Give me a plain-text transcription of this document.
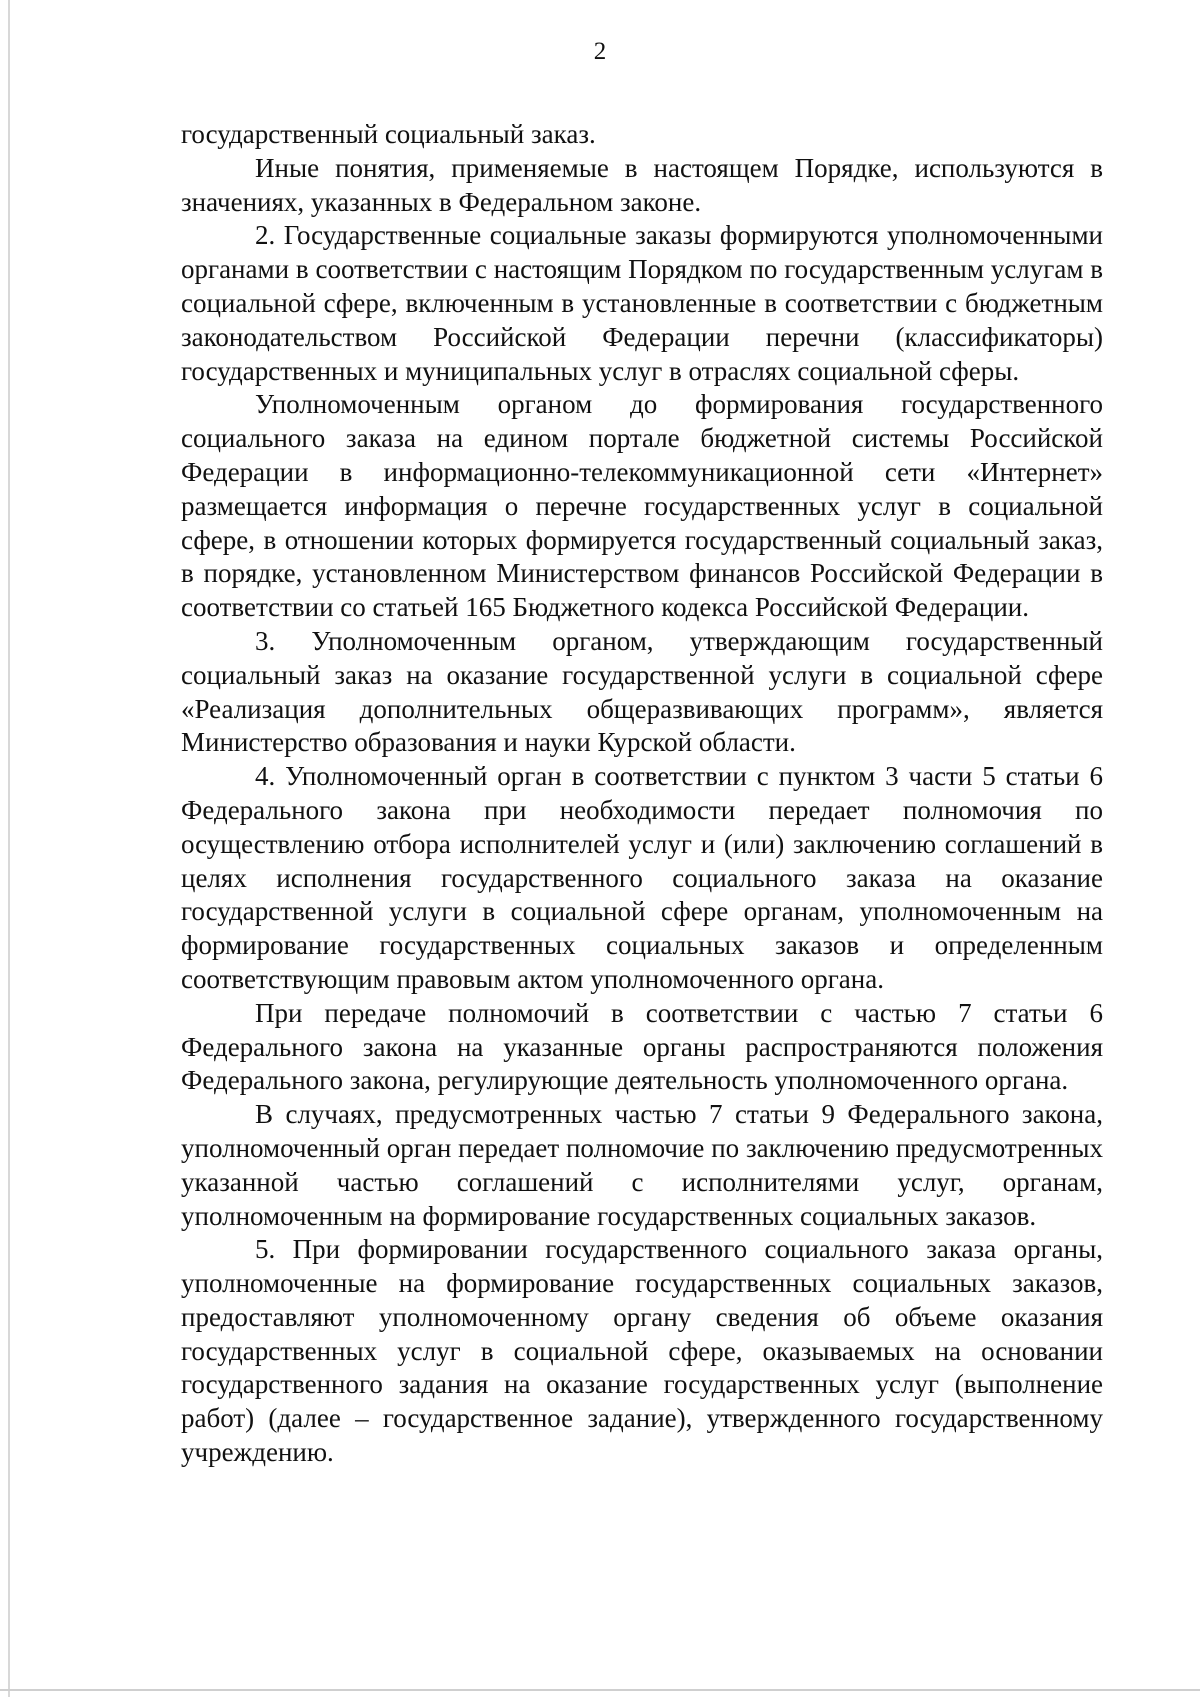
2

государственный социальный заказ.

Иные понятия, применяемые в настоящем Порядке, используются в значениях, указанных в Федеральном законе.

2. Государственные социальные заказы формируются уполномоченными органами в соответствии с настоящим Порядком по государственным услугам в социальной сфере, включенным в установленные в соответствии с бюджетным законодательством Российской Федерации перечни (классификаторы) государственных и муниципальных услуг в отраслях социальной сферы.

Уполномоченным органом до формирования государственного социального заказа на едином портале бюджетной системы Российской Федерации в информационно-телекоммуникационной сети «Интернет» размещается информация о перечне государственных услуг в социальной сфере, в отношении которых формируется государственный социальный заказ, в порядке, установленном Министерством финансов Российской Федерации в соответствии со статьей 165 Бюджетного кодекса Российской Федерации.

3. Уполномоченным органом, утверждающим государственный социальный заказ на оказание государственной услуги в социальной сфере «Реализация дополнительных общеразвивающих программ», является Министерство образования и науки Курской области.

4. Уполномоченный орган в соответствии с пунктом 3 части 5 статьи 6 Федерального закона при необходимости передает полномочия по осуществлению отбора исполнителей услуг и (или) заключению соглашений в целях исполнения государственного социального заказа на оказание государственной услуги в социальной сфере органам, уполномоченным на формирование государственных социальных заказов и определенным соответствующим правовым актом уполномоченного органа.

При передаче полномочий в соответствии с частью 7 статьи 6 Федерального закона на указанные органы распространяются положения Федерального закона, регулирующие деятельность уполномоченного органа.

В случаях, предусмотренных частью 7 статьи 9 Федерального закона, уполномоченный орган передает полномочие по заключению предусмотренных указанной частью соглашений с исполнителями услуг, органам, уполномоченным на формирование государственных социальных заказов.

5. При формировании государственного социального заказа органы, уполномоченные на формирование государственных социальных заказов, предоставляют уполномоченному органу сведения об объеме оказания государственных услуг в социальной сфере, оказываемых на основании государственного задания на оказание государственных услуг (выполнение работ) (далее – государственное задание), утвержденного государственному учреждению.
